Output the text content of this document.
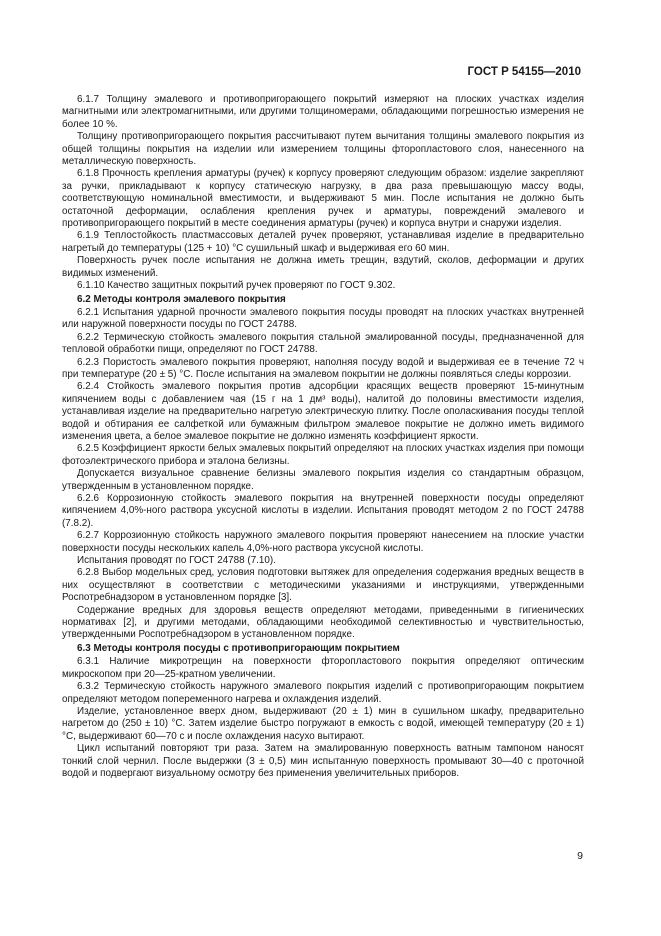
ГОСТ Р 54155—2010

6.1.7 Толщину эмалевого и противопригорающего покрытий измеряют на плоских участках изделия магнитными или электромагнитными, или другими толщиномерами, обладающими погрешностью измерения не более 10 %.

Толщину противопригорающего покрытия рассчитывают путем вычитания толщины эмалевого покрытия из общей толщины покрытия на изделии или измерением толщины фторопластового слоя, нанесенного на металлическую поверхность.

6.1.8 Прочность крепления арматуры (ручек) к корпусу проверяют следующим образом: изделие закрепляют за ручки, прикладывают к корпусу статическую нагрузку, в два раза превышающую массу воды, соответствующую номинальной вместимости, и выдерживают 5 мин. После испытания не должно быть остаточной деформации, ослабления крепления ручек и арматуры, повреждений эмалевого и противопригорающего покрытий в месте соединения арматуры (ручек) и корпуса внутри и снаружи изделия.

6.1.9 Теплостойкость пластмассовых деталей ручек проверяют, устанавливая изделие в предварительно нагретый до температуры (125 + 10) °С сушильный шкаф и выдерживая его 60 мин.

Поверхность ручек после испытания не должна иметь трещин, вздутий, сколов, деформации и других видимых изменений.

6.1.10 Качество защитных покрытий ручек проверяют по ГОСТ 9.302.

6.2 Методы контроля эмалевого покрытия

6.2.1 Испытания ударной прочности эмалевого покрытия посуды проводят на плоских участках внутренней или наружной поверхности посуды по ГОСТ 24788.

6.2.2 Термическую стойкость эмалевого покрытия стальной эмалированной посуды, предназначенной для тепловой обработки пищи, определяют по ГОСТ 24788.

6.2.3 Пористость эмалевого покрытия проверяют, наполняя посуду водой и выдерживая ее в течение 72 ч при температуре (20 ± 5) °С. После испытания на эмалевом покрытии не должны появляться следы коррозии.

6.2.4 Стойкость эмалевого покрытия против адсорбции красящих веществ проверяют 15-минутным кипячением воды с добавлением чая (15 г на 1 дм³ воды), налитой до половины вместимости изделия, устанавливая изделие на предварительно нагретую электрическую плитку. После ополаскивания посуды теплой водой и обтирания ее салфеткой или бумажным фильтром эмалевое покрытие не должно иметь видимого изменения цвета, а белое эмалевое покрытие не должно изменять коэффициент яркости.

6.2.5 Коэффициент яркости белых эмалевых покрытий определяют на плоских участках изделия при помощи фотоэлектрического прибора и эталона белизны.

Допускается визуальное сравнение белизны эмалевого покрытия изделия со стандартным образцом, утвержденным в установленном порядке.

6.2.6 Коррозионную стойкость эмалевого покрытия на внутренней поверхности посуды определяют кипячением 4,0%-ного раствора уксусной кислоты в изделии. Испытания проводят методом 2 по ГОСТ 24788 (7.8.2).

6.2.7 Коррозионную стойкость наружного эмалевого покрытия проверяют нанесением на плоские участки поверхности посуды нескольких капель 4,0%-ного раствора уксусной кислоты.

Испытания проводят по ГОСТ 24788 (7.10).

6.2.8 Выбор модельных сред, условия подготовки вытяжек для определения содержания вредных веществ в них осуществляют в соответствии с методическими указаниями и инструкциями, утвержденными Роспотребнадзором в установленном порядке [3].

Содержание вредных для здоровья веществ определяют методами, приведенными в гигиенических нормативах [2], и другими методами, обладающими необходимой селективностью и чувствительностью, утвержденными Роспотребнадзором в установленном порядке.

6.3 Методы контроля посуды с противопригорающим покрытием

6.3.1 Наличие микротрещин на поверхности фторопластового покрытия определяют оптическим микроскопом при 20—25-кратном увеличении.

6.3.2 Термическую стойкость наружного эмалевого покрытия изделий с противопригорающим покрытием определяют методом попеременного нагрева и охлаждения изделий.

Изделие, установленное вверх дном, выдерживают (20 ± 1) мин в сушильном шкафу, предварительно нагретом до (250 ± 10) °С. Затем изделие быстро погружают в емкость с водой, имеющей температуру (20 ± 1) °С, выдерживают 60—70 с и после охлаждения насухо вытирают.

Цикл испытаний повторяют три раза. Затем на эмалированную поверхность ватным тампоном наносят тонкий слой чернил. После выдержки (3 ± 0,5) мин испытанную поверхность промывают 30—40 с проточной водой и подвергают визуальному осмотру без применения увеличительных приборов.

9
